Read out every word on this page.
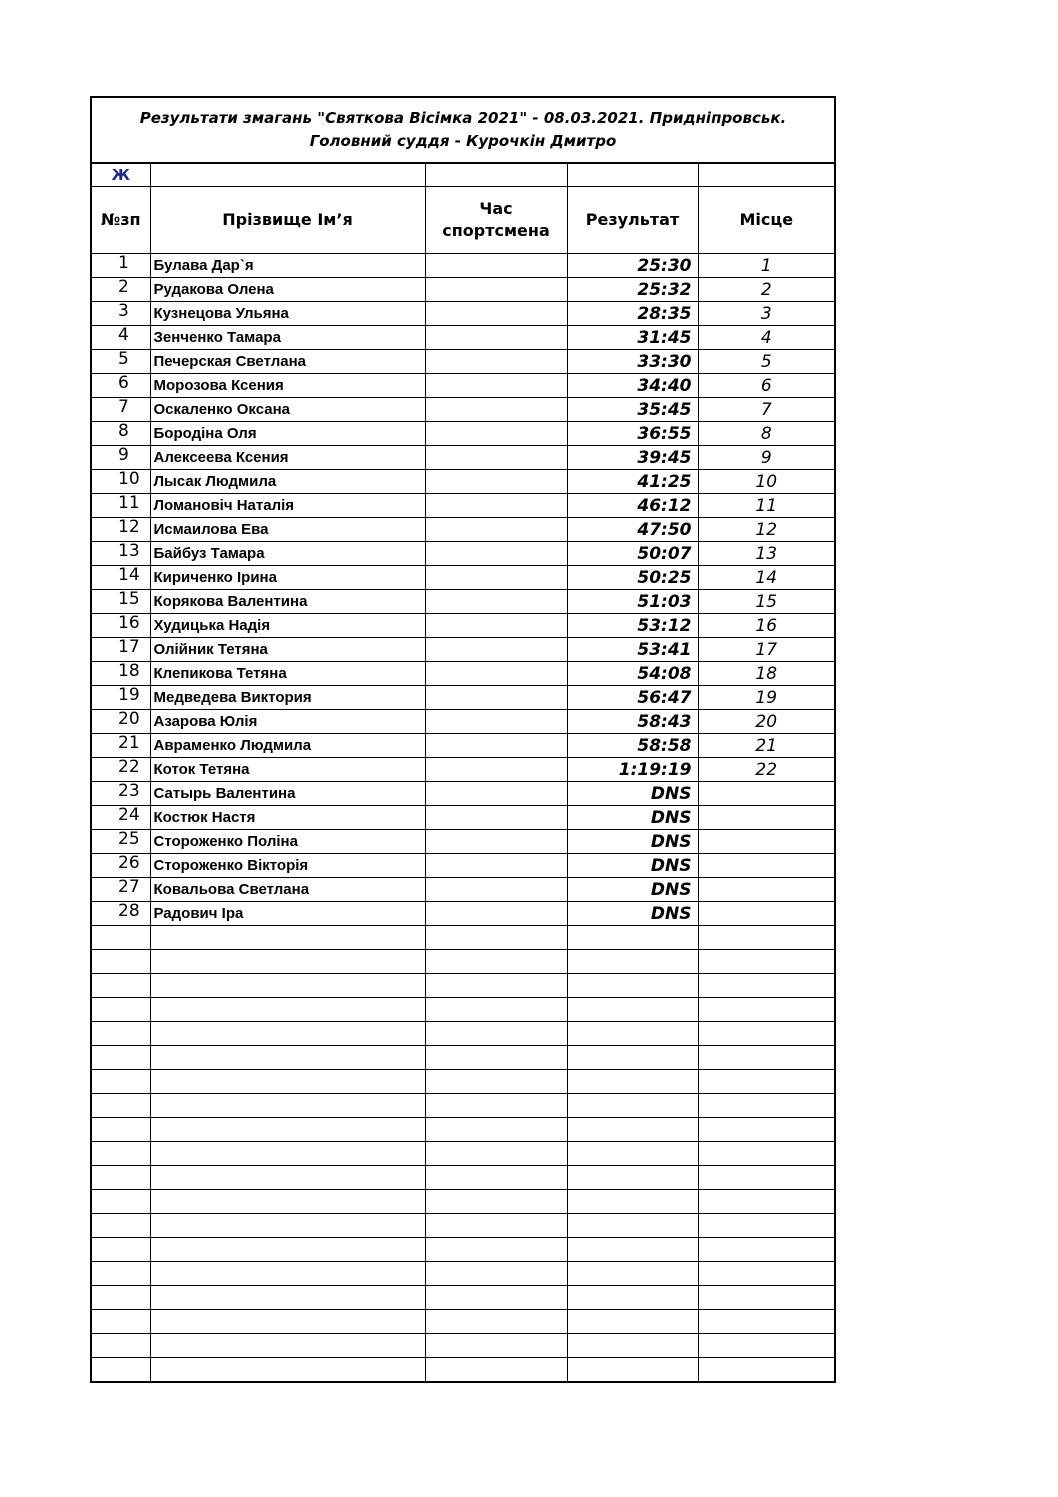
Результати змагань "Святкова Вісімка 2021" - 08.03.2021. Придніпровськ.
Головний суддя - Курочкін Дмитро				

Ж				
№зп	Прізвище Ім’я	Час спортсмена	Результат	Місце
1	Булава Дар`я		25:30	1
2	Рудакова Олена		25:32	2
3	Кузнецова Ульяна		28:35	3
4	Зенченко Тамара		31:45	4
5	Печерская Светлана		33:30	5
6	Морозова Ксения		34:40	6
7	Оскаленко Оксана		35:45	7
8	Бородіна Оля		36:55	8
9	Алексеева Ксения		39:45	9
10	Лысак Людмила		41:25	10
11	Ломановіч Наталія		46:12	11
12	Исмаилова Ева		47:50	12
13	Байбуз Тамара		50:07	13
14	Кириченко Ірина		50:25	14
15	Корякова Валентина		51:03	15
16	Худицька Надія		53:12	16
17	Олійник Тетяна		53:41	17
18	Клепикова Тетяна		54:08	18
19	Медведева Виктория		56:47	19
20	Азарова Юлія		58:43	20
21	Авраменко Людмила		58:58	21
22	Коток Тетяна		1:19:19	22
23	Сатырь Валентина		DNS	
24	Костюк Настя		DNS	
25	Стороженко Поліна		DNS	
26	Стороженко Вікторія		DNS	
27	Ковальова Светлана		DNS	
28	Радович Іра		DNS	
